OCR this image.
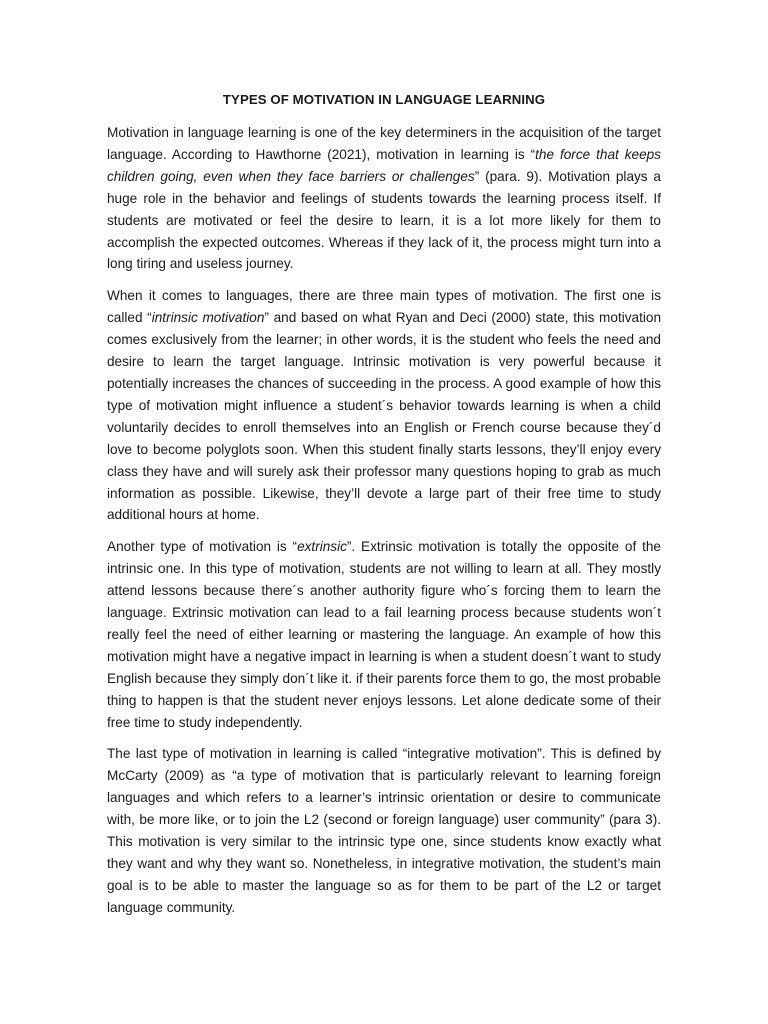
TYPES OF MOTIVATION IN LANGUAGE LEARNING

Motivation in language learning is one of the key determiners in the acquisition of the target language. According to Hawthorne (2021), motivation in learning is “the force that keeps children going, even when they face barriers or challenges” (para. 9). Motivation plays a huge role in the behavior and feelings of students towards the learning process itself. If students are motivated or feel the desire to learn, it is a lot more likely for them to accomplish the expected outcomes. Whereas if they lack of it, the process might turn into a long tiring and useless journey.

When it comes to languages, there are three main types of motivation. The first one is called “intrinsic motivation” and based on what Ryan and Deci (2000) state, this motivation comes exclusively from the learner; in other words, it is the student who feels the need and desire to learn the target language. Intrinsic motivation is very powerful because it potentially increases the chances of succeeding in the process. A good example of how this type of motivation might influence a student´s behavior towards learning is when a child voluntarily decides to enroll themselves into an English or French course because they´d love to become polyglots soon. When this student finally starts lessons, they’ll enjoy every class they have and will surely ask their professor many questions hoping to grab as much information as possible. Likewise, they’ll devote a large part of their free time to study additional hours at home.

Another type of motivation is “extrinsic”. Extrinsic motivation is totally the opposite of the intrinsic one. In this type of motivation, students are not willing to learn at all. They mostly attend lessons because there´s another authority figure who´s forcing them to learn the language. Extrinsic motivation can lead to a fail learning process because students won´t really feel the need of either learning or mastering the language. An example of how this motivation might have a negative impact in learning is when a student doesn´t want to study English because they simply don´t like it. if their parents force them to go, the most probable thing to happen is that the student never enjoys lessons. Let alone dedicate some of their free time to study independently.

The last type of motivation in learning is called “integrative motivation”. This is defined by McCarty (2009) as “a type of motivation that is particularly relevant to learning foreign languages and which refers to a learner’s intrinsic orientation or desire to communicate with, be more like, or to join the L2 (second or foreign language) user community” (para 3). This motivation is very similar to the intrinsic type one, since students know exactly what they want and why they want so. Nonetheless, in integrative motivation, the student’s main goal is to be able to master the language so as for them to be part of the L2 or target language community.
